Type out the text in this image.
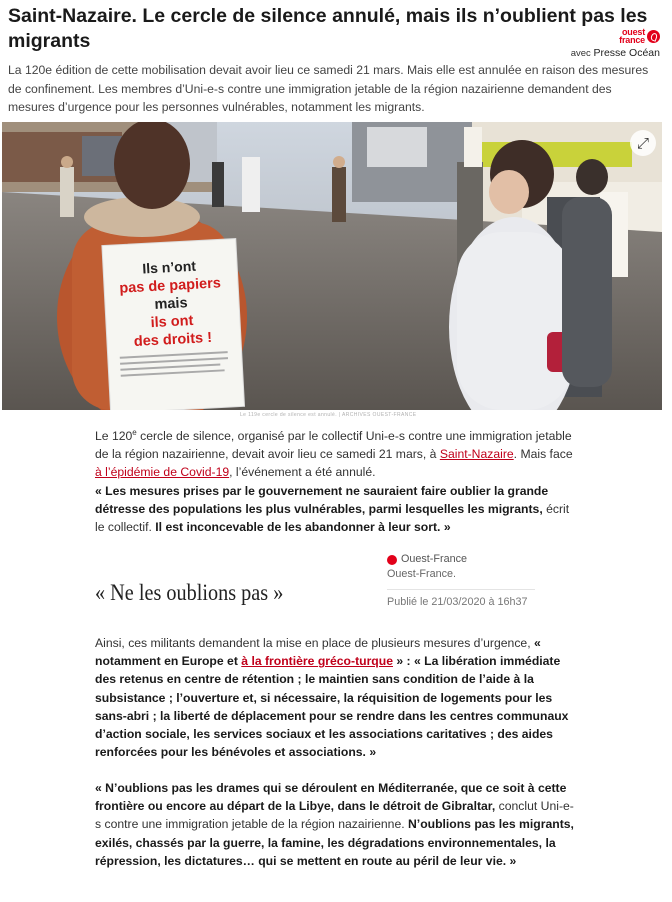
Saint-Nazaire. Le cercle de silence annulé, mais ils n’oublient pas les migrants	ouest
france
avec Presse Océan

La 120e édition de cette mobilisation devait avoir lieu ce samedi 21 mars. Mais elle est annulée en raison des mesures de confinement. Les membres d’Uni-e-s contre une immigration jetable de la région nazairienne demandent des mesures d’urgence pour les personnes vulnérables, notamment les migrants.

Ils n’ont
pas de papiers
mais
ils ont
des droits !
⤢
Le 119e cercle de silence est annulé. | ARCHIVES OUEST-FRANCE

Le 120e cercle de silence, organisé par le collectif Uni-e-s contre une immigration jetable de la région nazairienne, devait avoir lieu ce samedi 21 mars, à Saint-Nazaire. Mais face à l’épidémie de Covid-19, l’événement a été annulé.

« Les mesures prises par le gouvernement ne sauraient faire oublier la grande détresse des populations les plus vulnérables, parmi lesquelles les migrants, écrit le collectif. Il est inconcevable de les abandonner à leur sort. »

Ouest-France
Ouest-France.
Publié le 21/03/2020 à 16h37
« Ne les oublions pas »

Ainsi, ces militants demandent la mise en place de plusieurs mesures d’urgence, « notamment en Europe et à la frontière gréco-turque » : « La libération immédiate des retenus en centre de rétention ; le maintien sans condition de l’aide à la subsistance ; l’ouverture et, si nécessaire, la réquisition de logements pour les sans-abri ; la liberté de déplacement pour se rendre dans les centres communaux d’action sociale, les services sociaux et les associations caritatives ; des aides renforcées pour les bénévoles et associations. »

« N’oublions pas les drames qui se déroulent en Méditerranée, que ce soit à cette frontière ou encore au départ de la Libye, dans le détroit de Gibraltar, conclut Uni-e-s contre une immigration jetable de la région nazairienne. N’oublions pas les migrants, exilés, chassés par la guerre, la famine, les dégradations environnementales, la répression, les dictatures… qui se mettent en route au péril de leur vie. »
